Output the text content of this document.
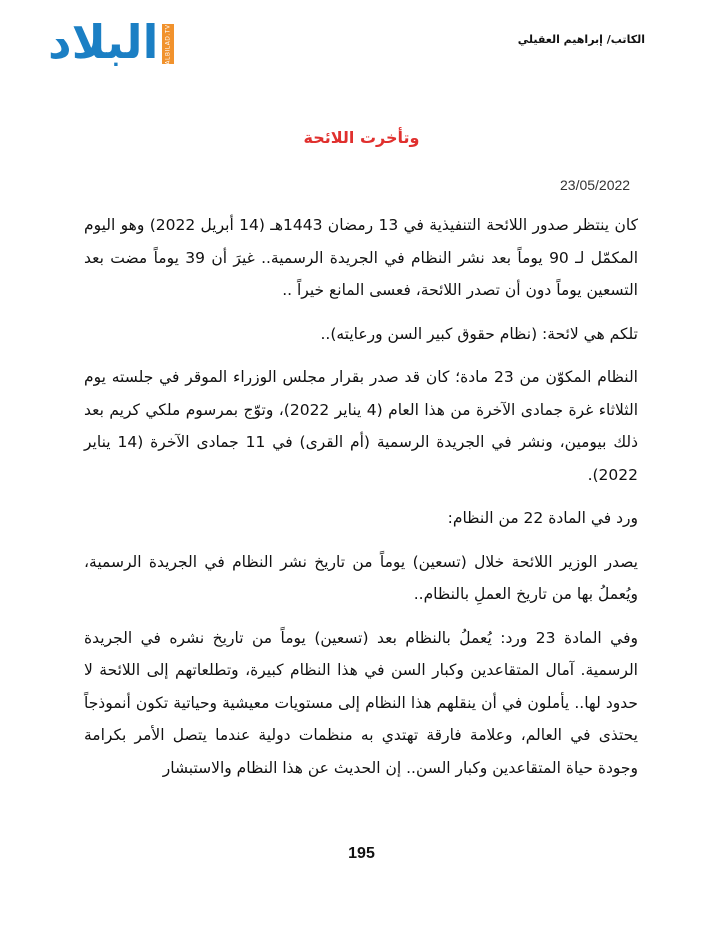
البلاد ALBILAD.TV	الكاتب/ إبراهيم العقيلي
وتأخرت اللائحة
23/05/2022

كان ينتظر صدور اللائحة التنفيذية في 13 رمضان 1443هـ (14 أبريل 2022) وهو اليوم المكمّل لـ 90 يوماً بعد نشر النظام في الجريدة الرسمية.. غيرَ أن 39 يوماً مضت بعد التسعين يوماً دون أن تصدر اللائحة، فعسى المانع خيراً ..

تلكم هي لائحة: (نظام حقوق كبير السن ورعايته)..

النظام المكوّن من 23 مادة؛ كان قد صدر بقرار مجلس الوزراء الموقر في جلسته يوم الثلاثاء غرة جمادى الآخرة من هذا العام (4 يناير 2022)، وتوّج بمرسوم ملكي كريم بعد ذلك بيومين، ونشر في الجريدة الرسمية (أم القرى) في 11 جمادى الآخرة (14 يناير 2022).

ورد في المادة 22 من النظام:

يصدر الوزير اللائحة خلال (تسعين) يوماً من تاريخ نشر النظام في الجريدة الرسمية، ويُعملُ بها من تاريخ العملِ بالنظام..

وفي المادة 23 ورد: يُعملُ بالنظام بعد (تسعين) يوماً من تاريخ نشره في الجريدة الرسمية. آمال المتقاعدين وكبار السن في هذا النظام كبيرة، وتطلعاتهم إلى اللائحة لا حدود لها.. يأملون في أن ينقلهم هذا النظام إلى مستويات معيشية وحياتية تكون أنموذجاً يحتذى في العالم، وعلامة فارقة تهتدي به منظمات دولية عندما يتصل الأمر بكرامة وجودة حياة المتقاعدين وكبار السن.. إن الحديث عن هذا النظام والاستبشار

195
